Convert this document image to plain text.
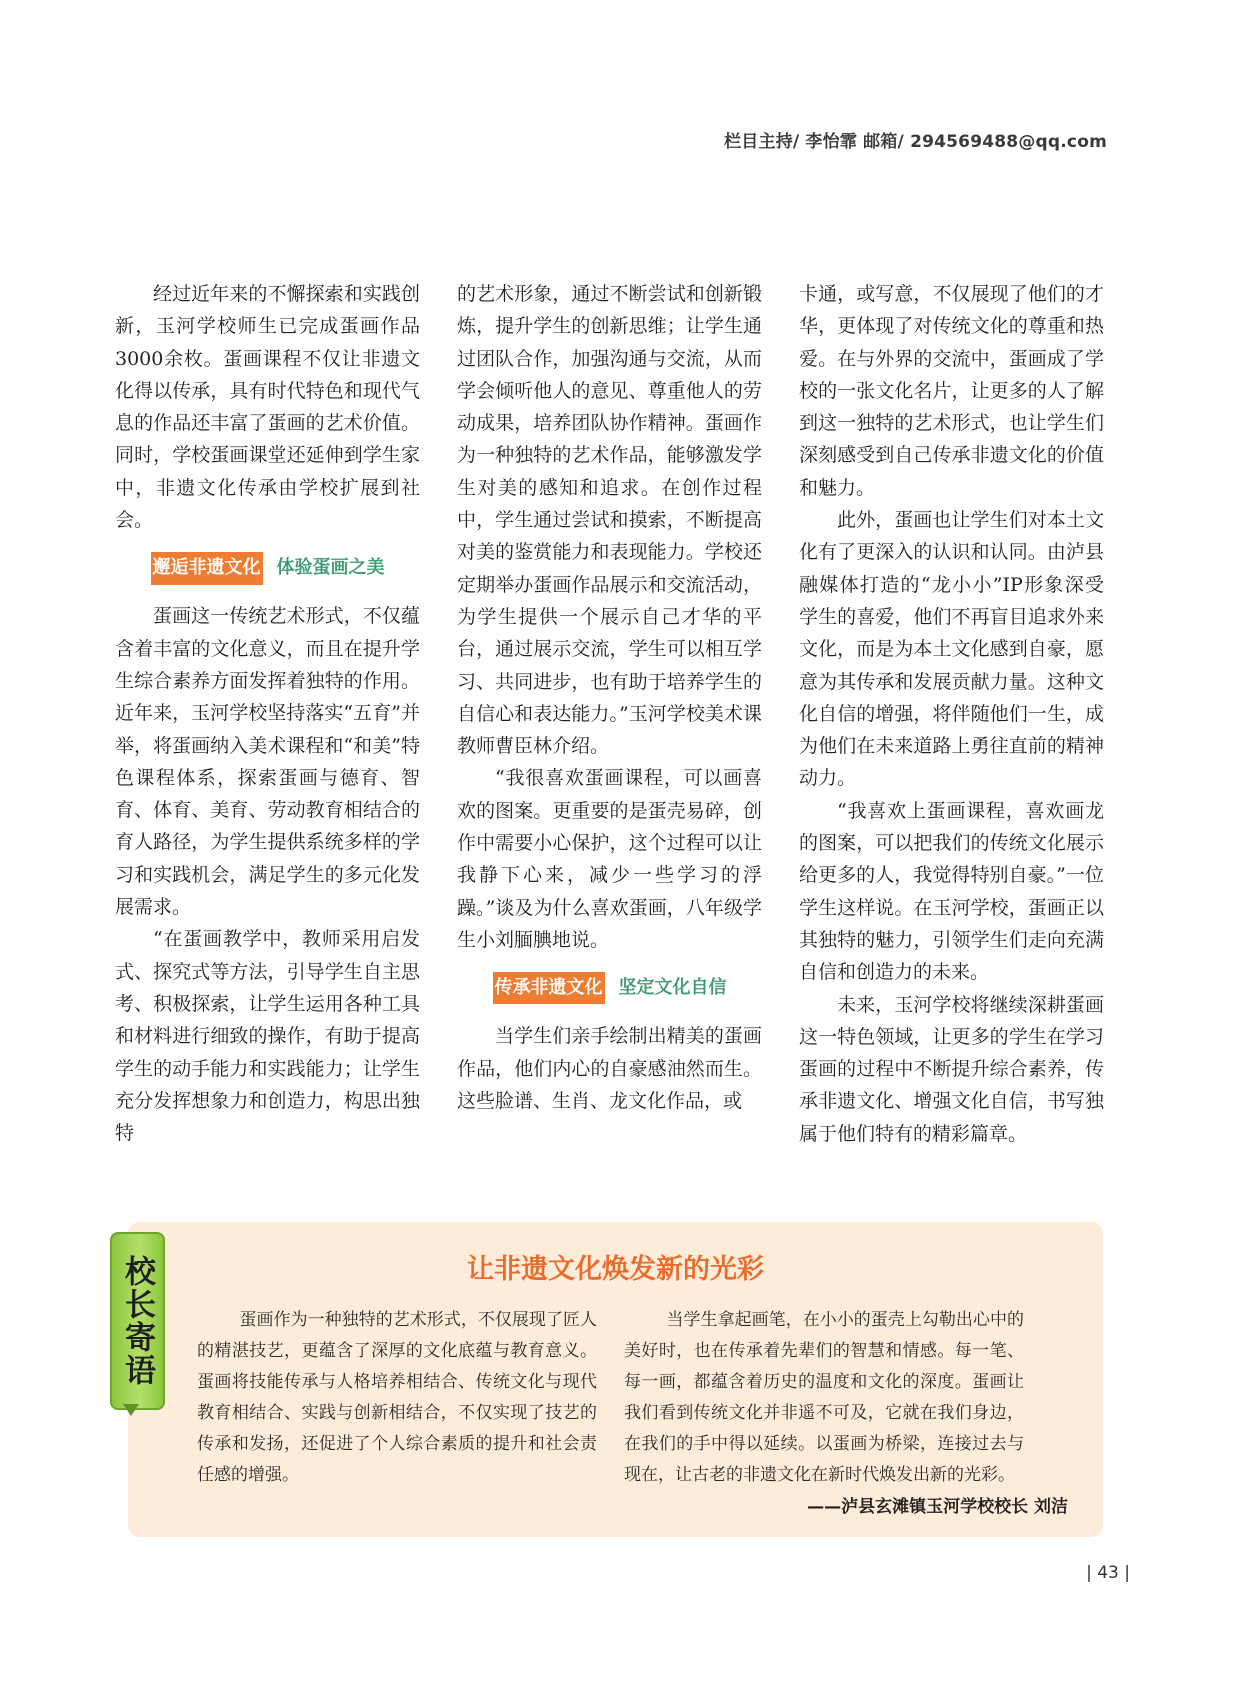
栏目主持/ 李怡霏 邮箱/ 294569488@qq.com

经过近年来的不懈探索和实践创新，玉河学校师生已完成蛋画作品3000余枚。蛋画课程不仅让非遗文化得以传承，具有时代特色和现代气息的作品还丰富了蛋画的艺术价值。同时，学校蛋画课堂还延伸到学生家中，非遗文化传承由学校扩展到社会。

邂逅非遗文化 体验蛋画之美

蛋画这一传统艺术形式，不仅蕴含着丰富的文化意义，而且在提升学生综合素养方面发挥着独特的作用。近年来，玉河学校坚持落实“五育”并举，将蛋画纳入美术课程和“和美”特色课程体系，探索蛋画与德育、智育、体育、美育、劳动教育相结合的育人路径，为学生提供系统多样的学习和实践机会，满足学生的多元化发展需求。

“在蛋画教学中，教师采用启发式、探究式等方法，引导学生自主思考、积极探索，让学生运用各种工具和材料进行细致的操作，有助于提高学生的动手能力和实践能力；让学生充分发挥想象力和创造力，构思出独特

的艺术形象，通过不断尝试和创新锻炼，提升学生的创新思维；让学生通过团队合作，加强沟通与交流，从而学会倾听他人的意见、尊重他人的劳动成果，培养团队协作精神。蛋画作为一种独特的艺术作品，能够激发学生对美的感知和追求。在创作过程中，学生通过尝试和摸索，不断提高对美的鉴赏能力和表现能力。学校还定期举办蛋画作品展示和交流活动，为学生提供一个展示自己才华的平台，通过展示交流，学生可以相互学习、共同进步，也有助于培养学生的自信心和表达能力。”玉河学校美术课教师曹臣林介绍。

“我很喜欢蛋画课程，可以画喜欢的图案。更重要的是蛋壳易碎，创作中需要小心保护，这个过程可以让我静下心来，减少一些学习的浮躁。”谈及为什么喜欢蛋画，八年级学生小刘腼腆地说。

传承非遗文化 坚定文化自信

当学生们亲手绘制出精美的蛋画作品，他们内心的自豪感油然而生。这些脸谱、生肖、龙文化作品，或

卡通，或写意，不仅展现了他们的才华，更体现了对传统文化的尊重和热爱。在与外界的交流中，蛋画成了学校的一张文化名片，让更多的人了解到这一独特的艺术形式，也让学生们深刻感受到自己传承非遗文化的价值和魅力。

此外，蛋画也让学生们对本土文化有了更深入的认识和认同。由泸县融媒体打造的“龙小小”IP形象深受学生的喜爱，他们不再盲目追求外来文化，而是为本土文化感到自豪，愿意为其传承和发展贡献力量。这种文化自信的增强，将伴随他们一生，成为他们在未来道路上勇往直前的精神动力。

“我喜欢上蛋画课程，喜欢画龙的图案，可以把我们的传统文化展示给更多的人，我觉得特别自豪。”一位学生这样说。在玉河学校，蛋画正以其独特的魅力，引领学生们走向充满自信和创造力的未来。

未来，玉河学校将继续深耕蛋画这一特色领域，让更多的学生在学习蛋画的过程中不断提升综合素养，传承非遗文化、增强文化自信，书写独属于他们特有的精彩篇章。

校长寄语	让非遗文化焕发新的光彩

蛋画作为一种独特的艺术形式，不仅展现了匠人的精湛技艺，更蕴含了深厚的文化底蕴与教育意义。蛋画将技能传承与人格培养相结合、传统文化与现代教育相结合、实践与创新相结合，不仅实现了技艺的传承和发扬，还促进了个人综合素质的提升和社会责任感的增强。

当学生拿起画笔，在小小的蛋壳上勾勒出心中的美好时，也在传承着先辈们的智慧和情感。每一笔、每一画，都蕴含着历史的温度和文化的深度。蛋画让我们看到传统文化并非遥不可及，它就在我们身边，在我们的手中得以延续。以蛋画为桥梁，连接过去与现在，让古老的非遗文化在新时代焕发出新的光彩。

——泸县玄滩镇玉河学校校长 刘洁
| 43 |
